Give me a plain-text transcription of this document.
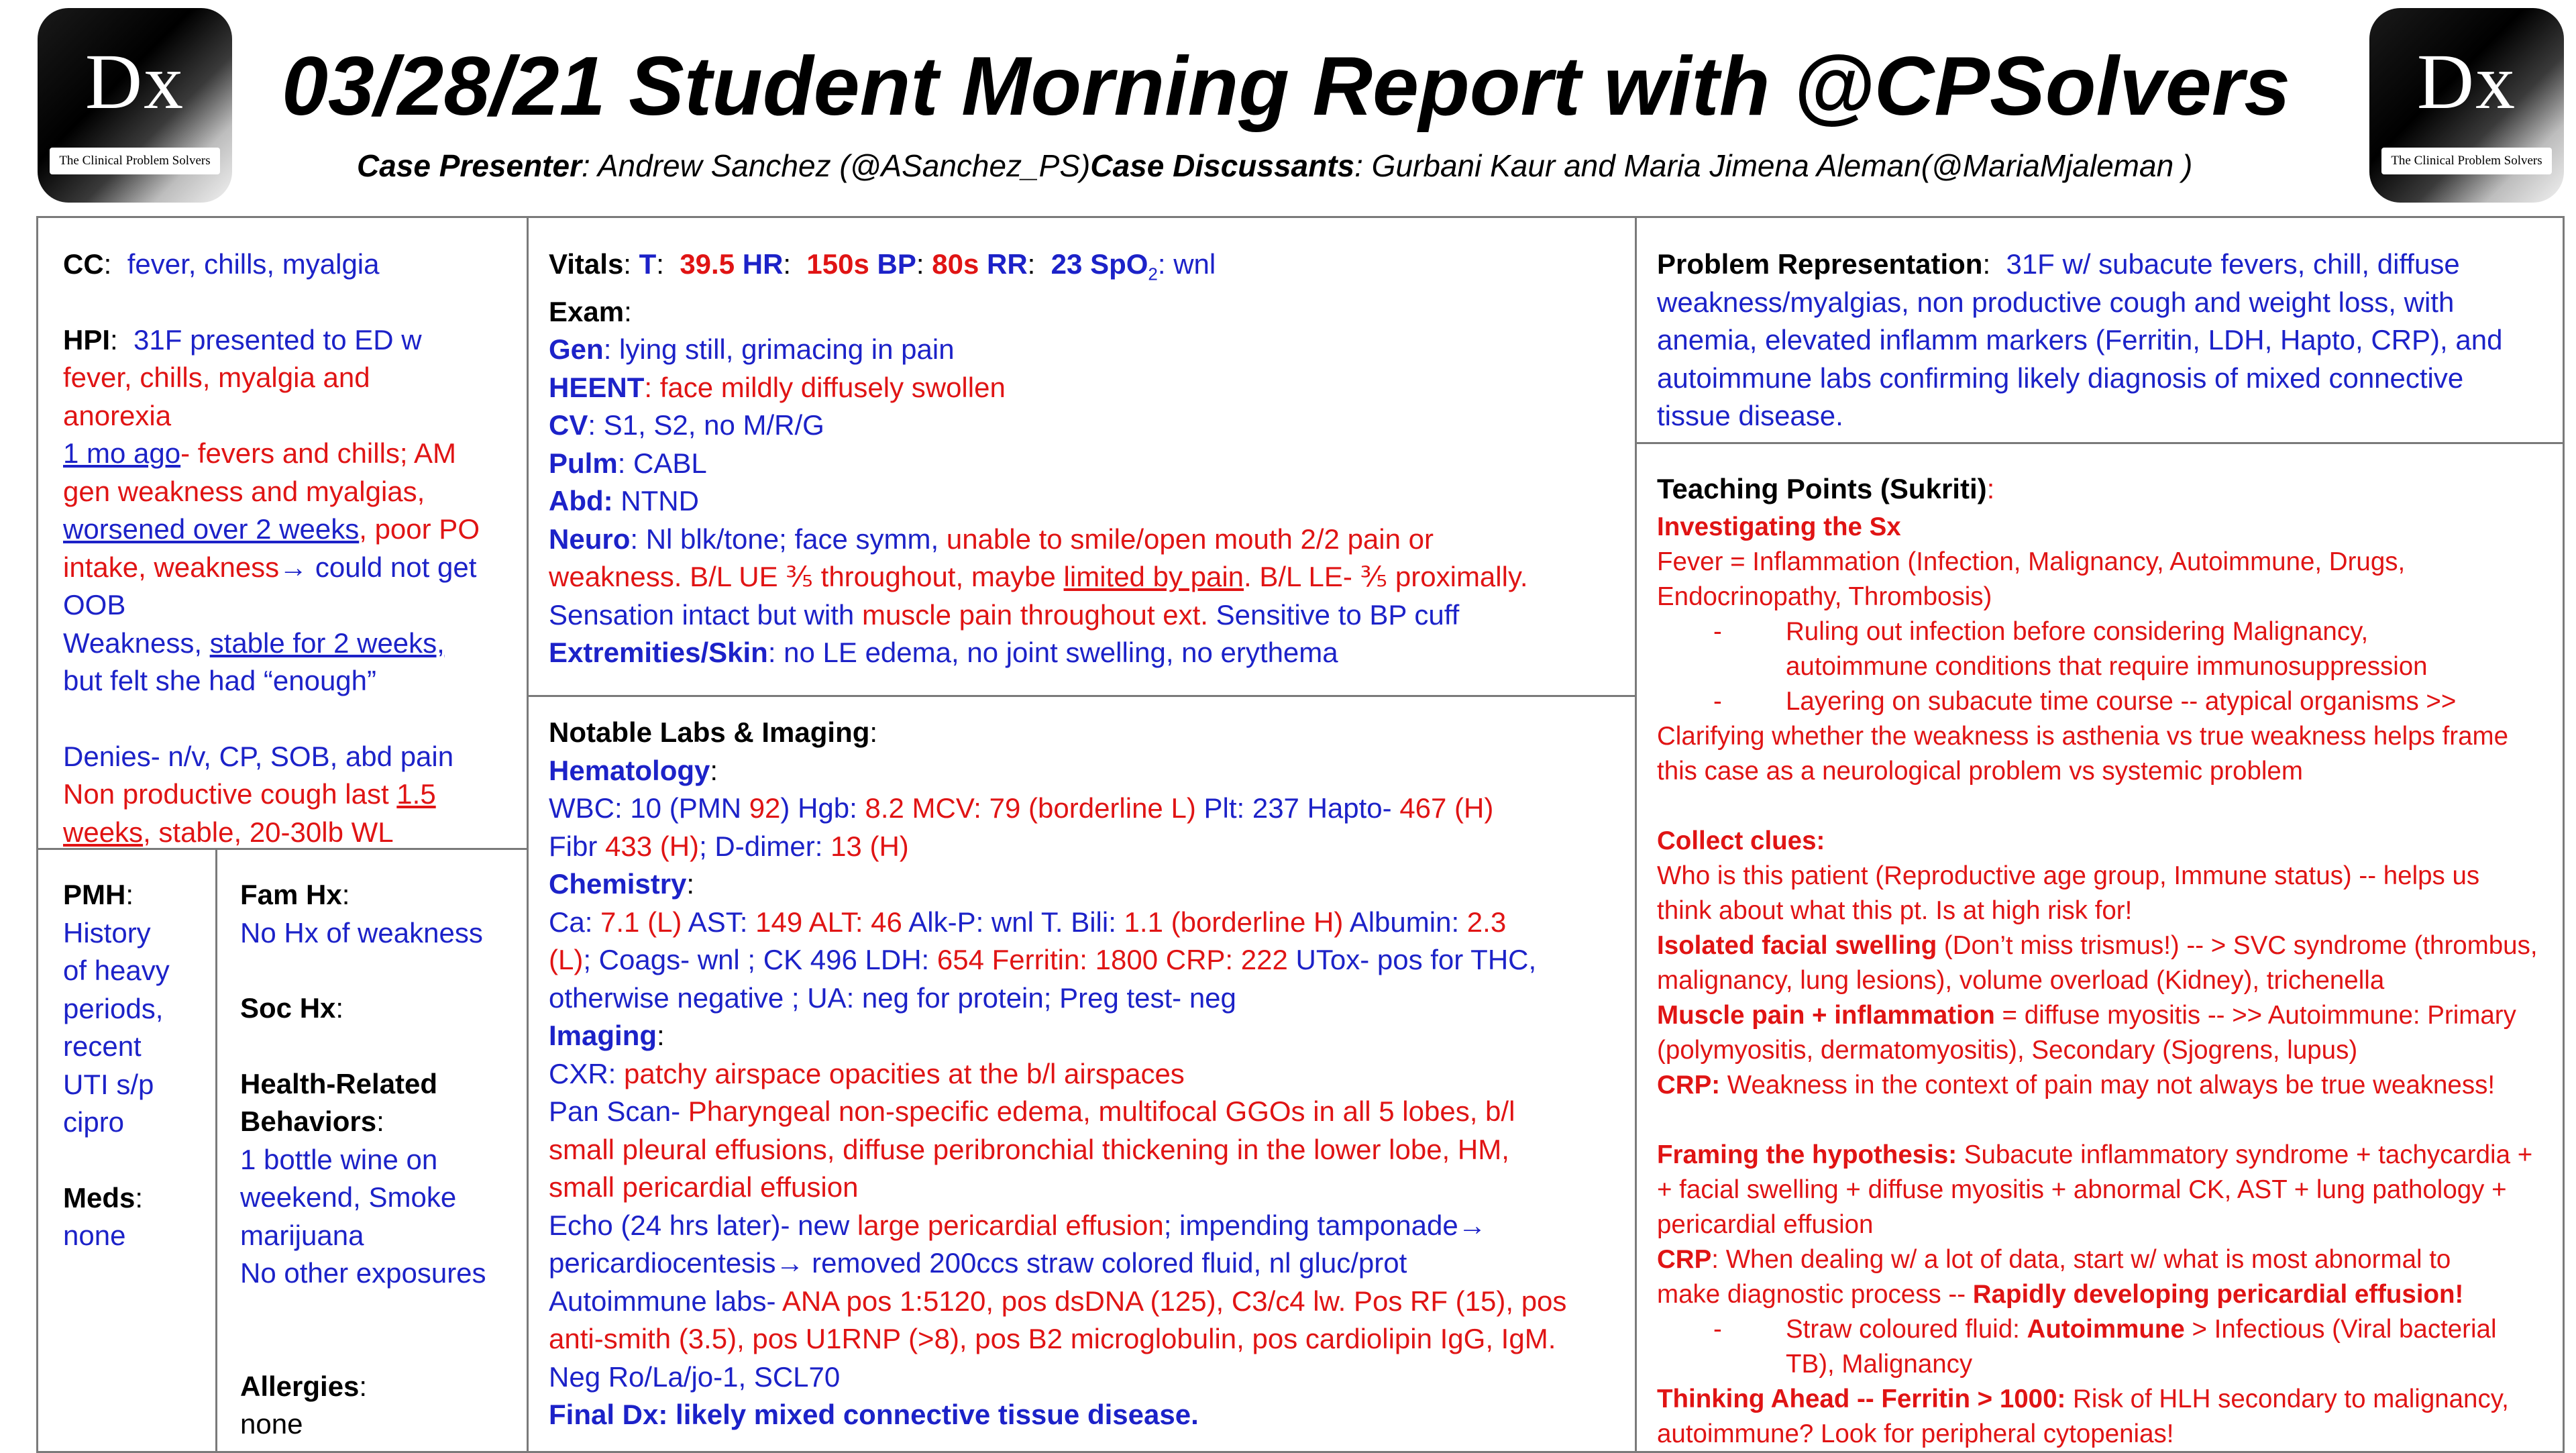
Dx
The Clinical Problem Solvers
Dx
The Clinical Problem Solvers
03/28/21 Student Morning Report with @CPSolvers
Case Presenter: Andrew Sanchez (@ASanchez_PS)Case Discussants: Gurbani Kaur and Maria Jimena Aleman(@MariaMjaleman )

CC:  fever, chills, myalgia

HPI:  31F presented to ED w

fever, chills, myalgia and

anorexia

1 mo ago- fevers and chills; AM

gen weakness and myalgias,

worsened over 2 weeks, poor PO

intake, weakness→ could not get

OOB

Weakness, stable for 2 weeks,

but felt she had “enough”

Denies- n/v, CP, SOB, abd pain

Non productive cough last 1.5

weeks, stable, 20-30lb WL

PMH:

History

of heavy

periods,

recent

UTI s/p

cipro

Meds:

none

Fam Hx:

No Hx of weakness

Soc Hx:

Health-Related

Behaviors:

1 bottle wine on

weekend, Smoke

marijuana

No other exposures

Allergies:

none

Vitals: T:  39.5 HR:  150s BP: 80s RR:  23 SpO$_2$: wnl

Exam:

Gen: lying still, grimacing in pain

HEENT: face mildly diffusely swollen

CV: S1, S2, no M/R/G

Pulm: CABL

Abd: NTND

Neuro: Nl blk/tone; face symm, unable to smile/open mouth 2/2 pain or

weakness. B/L UE ⅗ throughout, maybe limited by pain. B/L LE- ⅗ proximally.

Sensation intact but with muscle pain throughout ext. Sensitive to BP cuff

Extremities/Skin: no LE edema, no joint swelling, no erythema

Notable Labs & Imaging:

Hematology:

WBC: 10 (PMN 92) Hgb: 8.2 MCV: 79 (borderline L) Plt: 237 Hapto- 467 (H)

Fibr 433 (H); D-dimer: 13 (H)

Chemistry:

Ca: 7.1 (L) AST: 149 ALT: 46 Alk-P: wnl T. Bili: 1.1 (borderline H) Albumin: 2.3

(L); Coags- wnl ; CK 496 LDH: 654 Ferritin: 1800 CRP: 222 UTox- pos for THC,

otherwise negative ; UA: neg for protein; Preg test- neg

Imaging:

CXR: patchy airspace opacities at the b/l airspaces

Pan Scan- Pharyngeal non-specific edema, multifocal GGOs in all 5 lobes, b/l

small pleural effusions, diffuse peribronchial thickening in the lower lobe, HM,

small pericardial effusion

Echo (24 hrs later)- new large pericardial effusion; impending tamponade→

pericardiocentesis→ removed 200ccs straw colored fluid, nl gluc/prot

Autoimmune labs- ANA pos 1:5120, pos dsDNA (125), C3/c4 lw. Pos RF (15), pos

anti-smith (3.5), pos U1RNP (>8), pos B2 microglobulin, pos cardiolipin IgG, IgM.

Neg Ro/La/jo-1, SCL70

Final Dx: likely mixed connective tissue disease.

Problem Representation:  31F w/ subacute fevers, chill, diffuse

weakness/myalgias, non productive cough and weight loss, with

anemia, elevated inflamm markers (Ferritin, LDH, Hapto, CRP), and

autoimmune labs confirming likely diagnosis of mixed connective

tissue disease.

Teaching Points (Sukriti):

Investigating the Sx

Fever = Inflammation (Infection, Malignancy, Autoimmune, Drugs,

Endocrinopathy, Thrombosis)

- Ruling out infection before considering Malignancy,

autoimmune conditions that require immunosuppression

- Layering on subacute time course -- atypical organisms >>

Clarifying whether the weakness is asthenia vs true weakness helps frame

this case as a neurological problem vs systemic problem

Collect clues:

Who is this patient (Reproductive age group, Immune status) -- helps us

think about what this pt. Is at high risk for!

Isolated facial swelling (Don’t miss trismus!) -- > SVC syndrome (thrombus,

malignancy, lung lesions), volume overload (Kidney), trichenella

Muscle pain + inflammation = diffuse myositis -- >> Autoimmune: Primary

(polymyositis, dermatomyositis), Secondary (Sjogrens, lupus)

CRP: Weakness in the context of pain may not always be true weakness!

Framing the hypothesis: Subacute inflammatory syndrome + tachycardia +

+ facial swelling + diffuse myositis + abnormal CK, AST + lung pathology +

pericardial effusion

CRP: When dealing w/ a lot of data, start w/ what is most abnormal to

make diagnostic process -- Rapidly developing pericardial effusion!

- Straw coloured fluid: Autoimmune > Infectious (Viral bacterial

TB), Malignancy

Thinking Ahead -- Ferritin > 1000: Risk of HLH secondary to malignancy,

autoimmune? Look for peripheral cytopenias!
